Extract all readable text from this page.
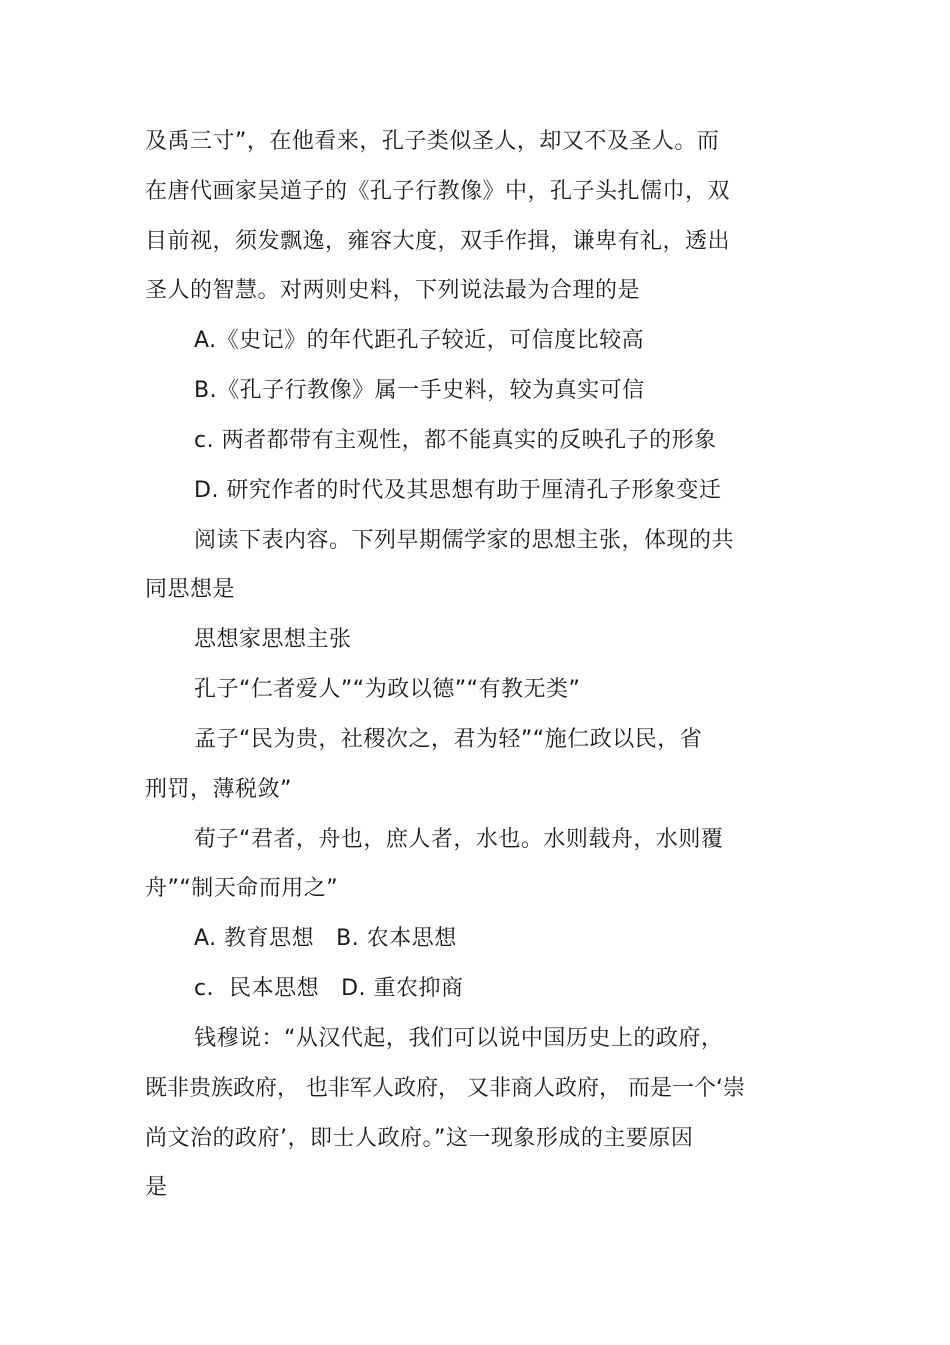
及禹三寸”，在他看来，孔子类似圣人，却又不及圣人。而
在唐代画家吴道子的《孔子行教像》中，孔子头扎儒巾，双
目前视，须发飘逸，雍容大度，双手作揖，谦卑有礼，透出
圣人的智慧。对两则史料，下列说法最为合理的是
A.《史记》的年代距孔子较近，可信度比较高
B.《孔子行教像》属一手史料，较为真实可信
c. 两者都带有主观性，都不能真实的反映孔子的形象
D. 研究作者的时代及其思想有助于厘清孔子形象变迁
阅读下表内容。下列早期儒学家的思想主张，体现的共
同思想是
思想家思想主张
孔子“仁者爱人”“为政以德”“有教无类”
孟子“民为贵，社稷次之，君为轻”“施仁政以民，省
刑罚，薄税敛”
荀子“君者，舟也，庶人者，水也。水则载舟，水则覆
舟”“制天命而用之”
A. 教育思想 B. 农本思想
c．民本思想 D. 重农抑商
钱穆说：“从汉代起，我们可以说中国历史上的政府，
既非贵族政府， 也非军人政府， 又非商人政府， 而是一个‘崇
尚文治的政府’，即士人政府。”这一现象形成的主要原因
是
